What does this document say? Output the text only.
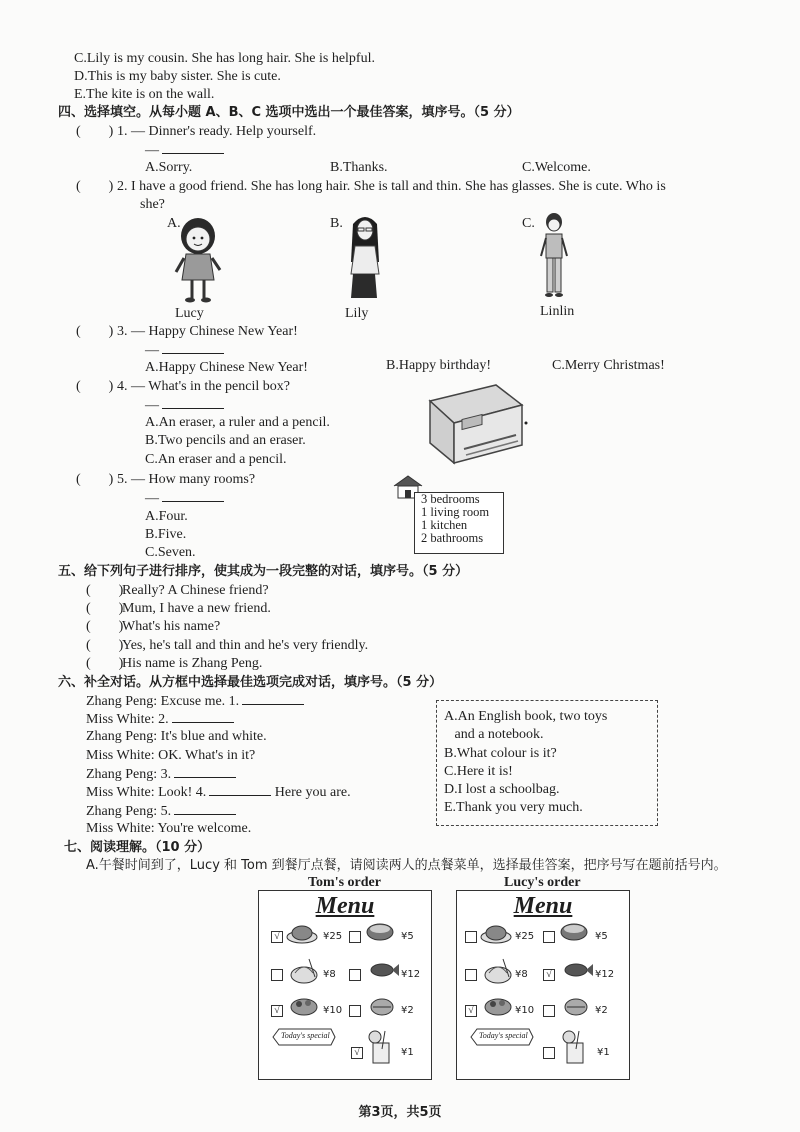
C.Lily is my cousin. She has long hair. She is helpful.
D.This is my baby sister. She is cute.
E.The kite is on the wall.
四、选择填空。从每小题 A、B、C 选项中选出一个最佳答案，填序号。（5 分）
(　　) 1. — Dinner's ready. Help yourself.
—
A.Sorry.	B.Thanks.	C.Welcome.
(　　) 2. I have a good friend. She has long hair. She is tall and thin. She has glasses. She is cute. Who is
she?
A.	B.	C.
Lucy	Lily	Linlin
(　　) 3. — Happy Chinese New Year!
—
A.Happy Chinese New Year!	B.Happy birthday!	C.Merry Christmas!
(　　) 4. — What's in the pencil box?
—
A.An eraser, a ruler and a pencil.
B.Two pencils and an eraser.
C.An eraser and a pencil.
(　　) 5. — How many rooms?
—
A.Four.
B.Five.
C.Seven.
3 bedrooms
1 living room
1 kitchen
2 bathrooms
五、给下列句子进行排序，使其成为一段完整的对话，填序号。（5 分）
(　　)
Really? A Chinese friend?
(　　)
Mum, I have a new friend.
(　　)
What's his name?
(　　)
Yes, he's tall and thin and he's very friendly.
(　　)
His name is Zhang Peng.
六、补全对话。从方框中选择最佳选项完成对话，填序号。（5 分）
Zhang Peng: Excuse me. 1.
Miss White: 2.
Zhang Peng: It's blue and white.
Miss White: OK. What's in it?
Zhang Peng: 3.
Miss White: Look! 4.	Here you are.
Zhang Peng: 5.
Miss White: You're welcome.
A.An English book, two toys
and a notebook.
B.What colour is it?
C.Here it is!
D.I lost a schoolbag.
E.Thank you very much.
七、阅读理解。（10 分）
A.午餐时间到了，Lucy 和 Tom 到餐厅点餐，请阅读两人的点餐菜单，选择最佳答案，把序号写在题前括号内。
Tom's order	Lucy's order
Menu
√	¥25	¥5
¥8	¥12
√	¥10	¥2
Today's special
√	¥1
Menu
¥25	¥5
¥8	√	¥12
√	¥10	¥2
Today's special
¥1
第3页，共5页
